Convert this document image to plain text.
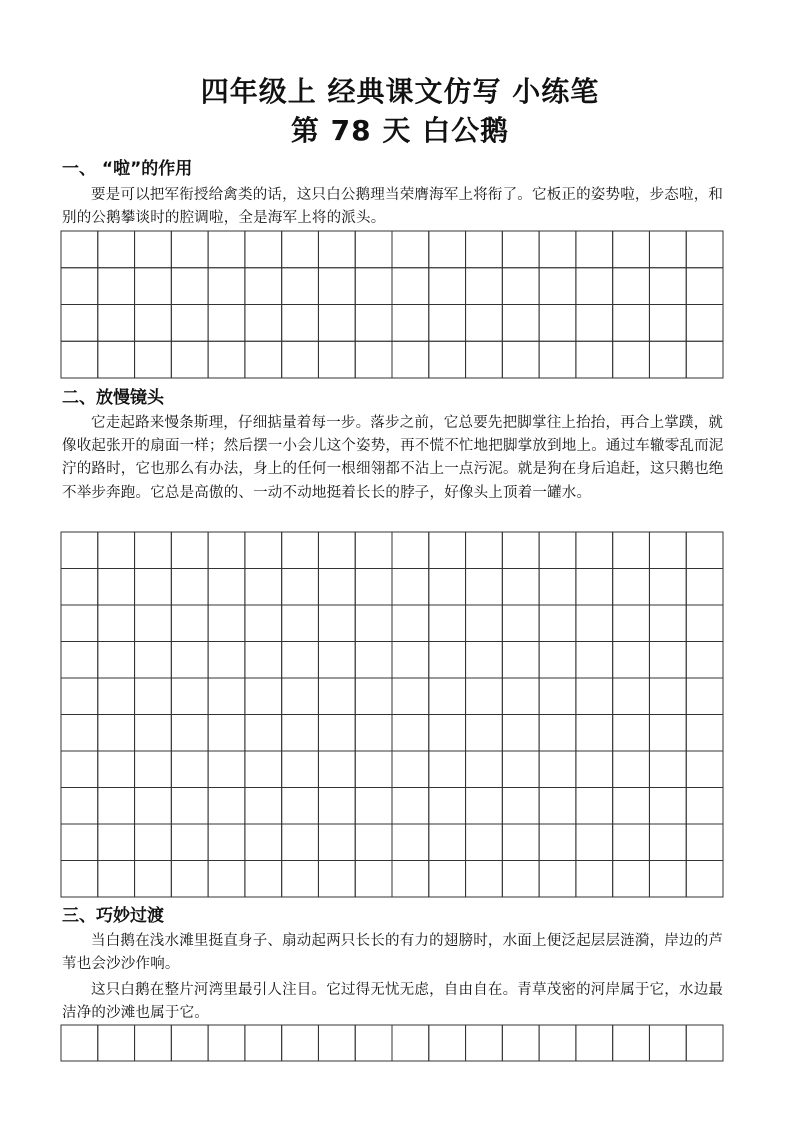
四年级上 经典课文仿写 小练笔
第 78 天 白公鹅
一、 “啦”的作用
要是可以把军衔授给禽类的话，这只白公鹅理当荣膺海军上将衔了。它板正的姿势啦，步态啦，和别的公鹅攀谈时的腔调啦，全是海军上将的派头。
二、放慢镜头
它走起路来慢条斯理，仔细掂量着每一步。落步之前，它总要先把脚掌往上抬抬，再合上掌蹼，就像收起张开的扇面一样；然后摆一小会儿这个姿势，再不慌不忙地把脚掌放到地上。通过车辙零乱而泥泞的路时，它也那么有办法，身上的任何一根细翎都不沾上一点污泥。就是狗在身后追赶，这只鹅也绝不举步奔跑。它总是高傲的、一动不动地挺着长长的脖子，好像头上顶着一罐水。
三、巧妙过渡
当白鹅在浅水滩里挺直身子、扇动起两只长长的有力的翅膀时，水面上便泛起层层涟漪，岸边的芦苇也会沙沙作响。
这只白鹅在整片河湾里最引人注目。它过得无忧无虑，自由自在。青草茂密的河岸属于它，水边最洁净的沙滩也属于它。
